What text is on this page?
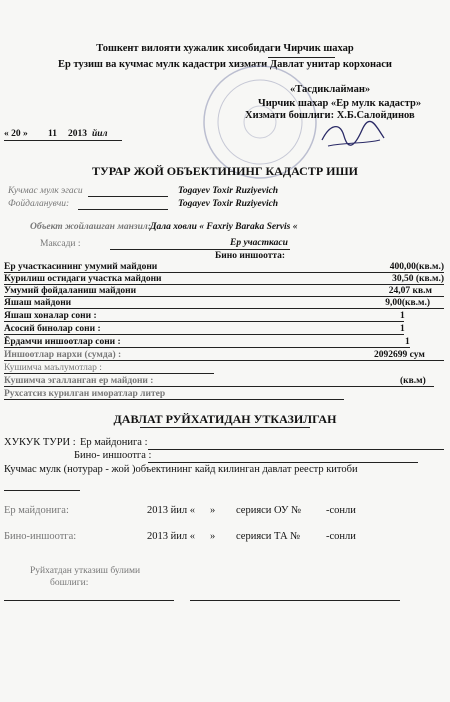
Тошкент вилояти хужалик хисобидаги Чирчик шахар
Ер тузиш ва кучмас мулк кадастри хизмати Давлат унитар корхонаси
«Тасдиклайман»
Чирчик шахар «Ер мулк кадастр»
Хизмати бошлиги: Х.Б.Салойдинов
« 20 » 11 2013 йил
ТУРАР ЖОЙ ОБЪЕКТИНИНГ КАДАСТР ИШИ
Кучмас мулк эгаси	Togayev Toxir Ruziyevich
Фойдаланувчи:	Togayev Toxir Ruziyevich
Объект жойлашган манзил: Дала ховли « Faxriy Baraka Servis «
Максади :	Ер участкаси
Бино иншоотта:
Ер участкасининг умумий майдони	400,00(кв.м.)
Курилиш остидаги участка майдони	30,50 (кв.м.)
Умумий фойдаланиш майдони	24,07 кв.м
Яшаш майдони	9,00(кв.м.)
Яшаш хоналар сони :	1
Асосий бинолар сони :	1
Ёрдамчи иншоотлар сони :	1
Иншоотлар нархи (сумда) :	2092699 сум
Кушимча маълумотлар :
Кушимча эгалланган ер майдони :	(кв.м)
Рухсатсиз курилган иморатлар литер
ДАВЛАТ РУЙХАТИДАН УТКАЗИЛГАН
ХУКУК ТУРИ : Ер майдонига :
Бино- иншоотга :
Кучмас мулк (нотурар - жой )объектининг кайд килинган давлат реестр китоби
Ер майдонига:	2013 йил « » серияси ОУ № -сонли
Бино-иншоотга:	2013 йил « » серияси ТА № -сонли
Руйхатдан утказиш булими
бошлиги:
